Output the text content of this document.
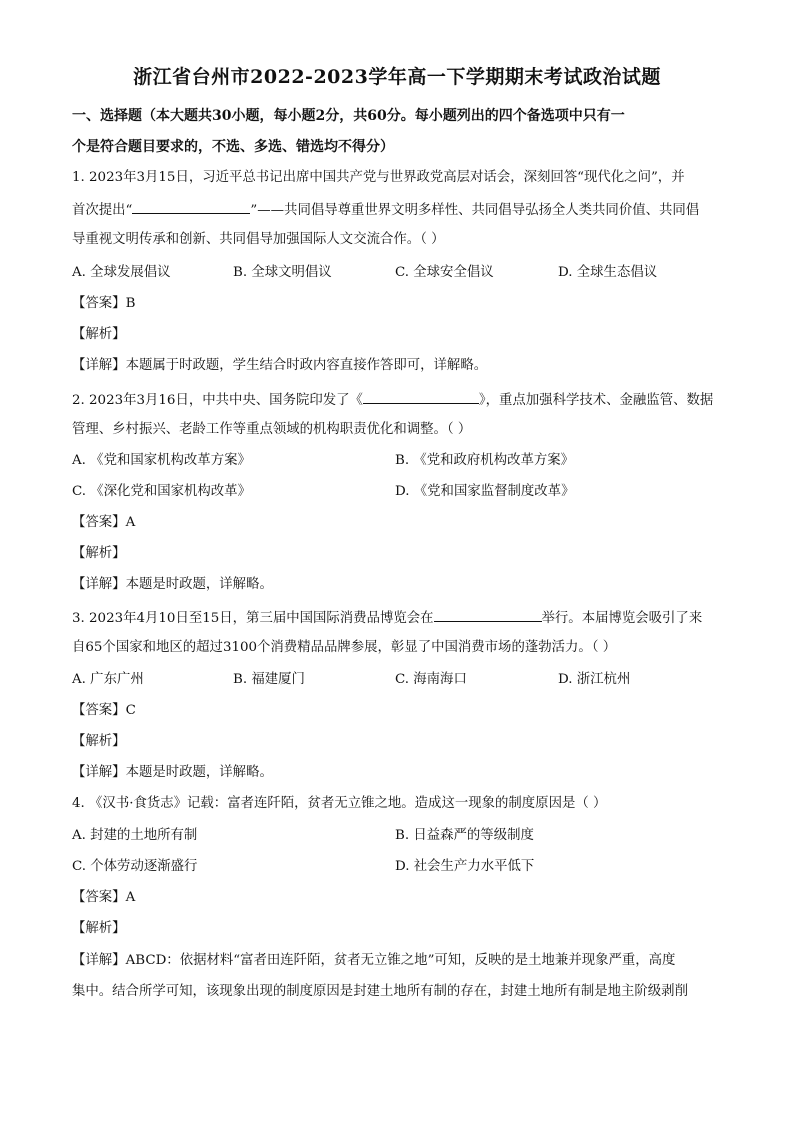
浙江省台州市2022-2023学年高一下学期期末考试政治试题
一、选择题（本大题共30小题，每小题2分，共60分。每小题列出的四个备选项中只有一
个是符合题目要求的，不选、多选、错选均不得分）
1. 2023年3月15日，习近平总书记出席中国共产党与世界政党高层对话会，深刻回答“现代化之问”，并
首次提出“	”——共同倡导尊重世界文明多样性、共同倡导弘扬全人类共同价值、共同倡
导重视文明传承和创新、共同倡导加强国际人文交流合作。（ ）
A. 全球发展倡议	B. 全球文明倡议	C. 全球安全倡议	D. 全球生态倡议
【答案】B
【解析】
【详解】本题属于时政题，学生结合时政内容直接作答即可，详解略。
2. 2023年3月16日，中共中央、国务院印发了《	》，重点加强科学技术、金融监管、数据
管理、乡村振兴、老龄工作等重点领域的机构职责优化和调整。（ ）
A. 《党和国家机构改革方案》	B. 《党和政府机构改革方案》
C. 《深化党和国家机构改革》	D. 《党和国家监督制度改革》
【答案】A
【解析】
【详解】本题是时政题，详解略。
3. 2023年4月10日至15日，第三届中国国际消费品博览会在	举行。本届博览会吸引了来
自65个国家和地区的超过3100个消费精品品牌参展，彰显了中国消费市场的蓬勃活力。（ ）
A. 广东广州	B. 福建厦门	C. 海南海口	D. 浙江杭州
【答案】C
【解析】
【详解】本题是时政题，详解略。
4. 《汉书·食货志》记载：富者连阡陌，贫者无立锥之地。造成这一现象的制度原因是（ ）
A. 封建的土地所有制	B. 日益森严的等级制度
C. 个体劳动逐渐盛行	D. 社会生产力水平低下
【答案】A
【解析】
【详解】ABCD：依据材料“富者田连阡陌，贫者无立锥之地”可知，反映的是土地兼并现象严重，高度
集中。结合所学可知，该现象出现的制度原因是封建土地所有制的存在，封建土地所有制是地主阶级剥削
